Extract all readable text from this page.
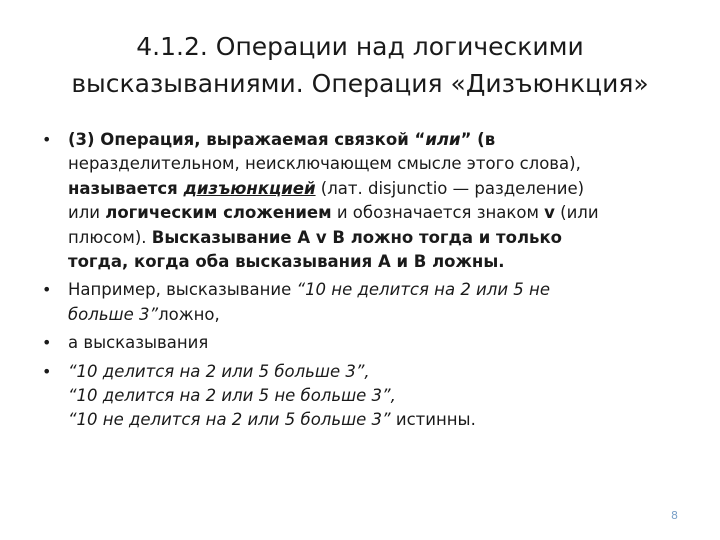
4.1.2. Операции над логическими
высказываниями. Операция «Дизъюнкция»
• (3) Операция, выражаемая связкой “или” (в
неразделительном, неисключающем смысле этого слова),
называется дизъюнкцией (лат. disjunctio — разделение)
или логическим сложением и обозначается знаком v (или
плюсом). Высказывание A v B ложно тогда и только
тогда, когда оба высказывания A и B ложны.
• Например, высказывание “10 не делится на 2 или 5 не
больше 3”ложно,
• а высказывания
• “10 делится на 2 или 5 больше 3”,
“10 делится на 2 или 5 не больше 3”,
“10 не делится на 2 или 5 больше 3” истинны.
8
